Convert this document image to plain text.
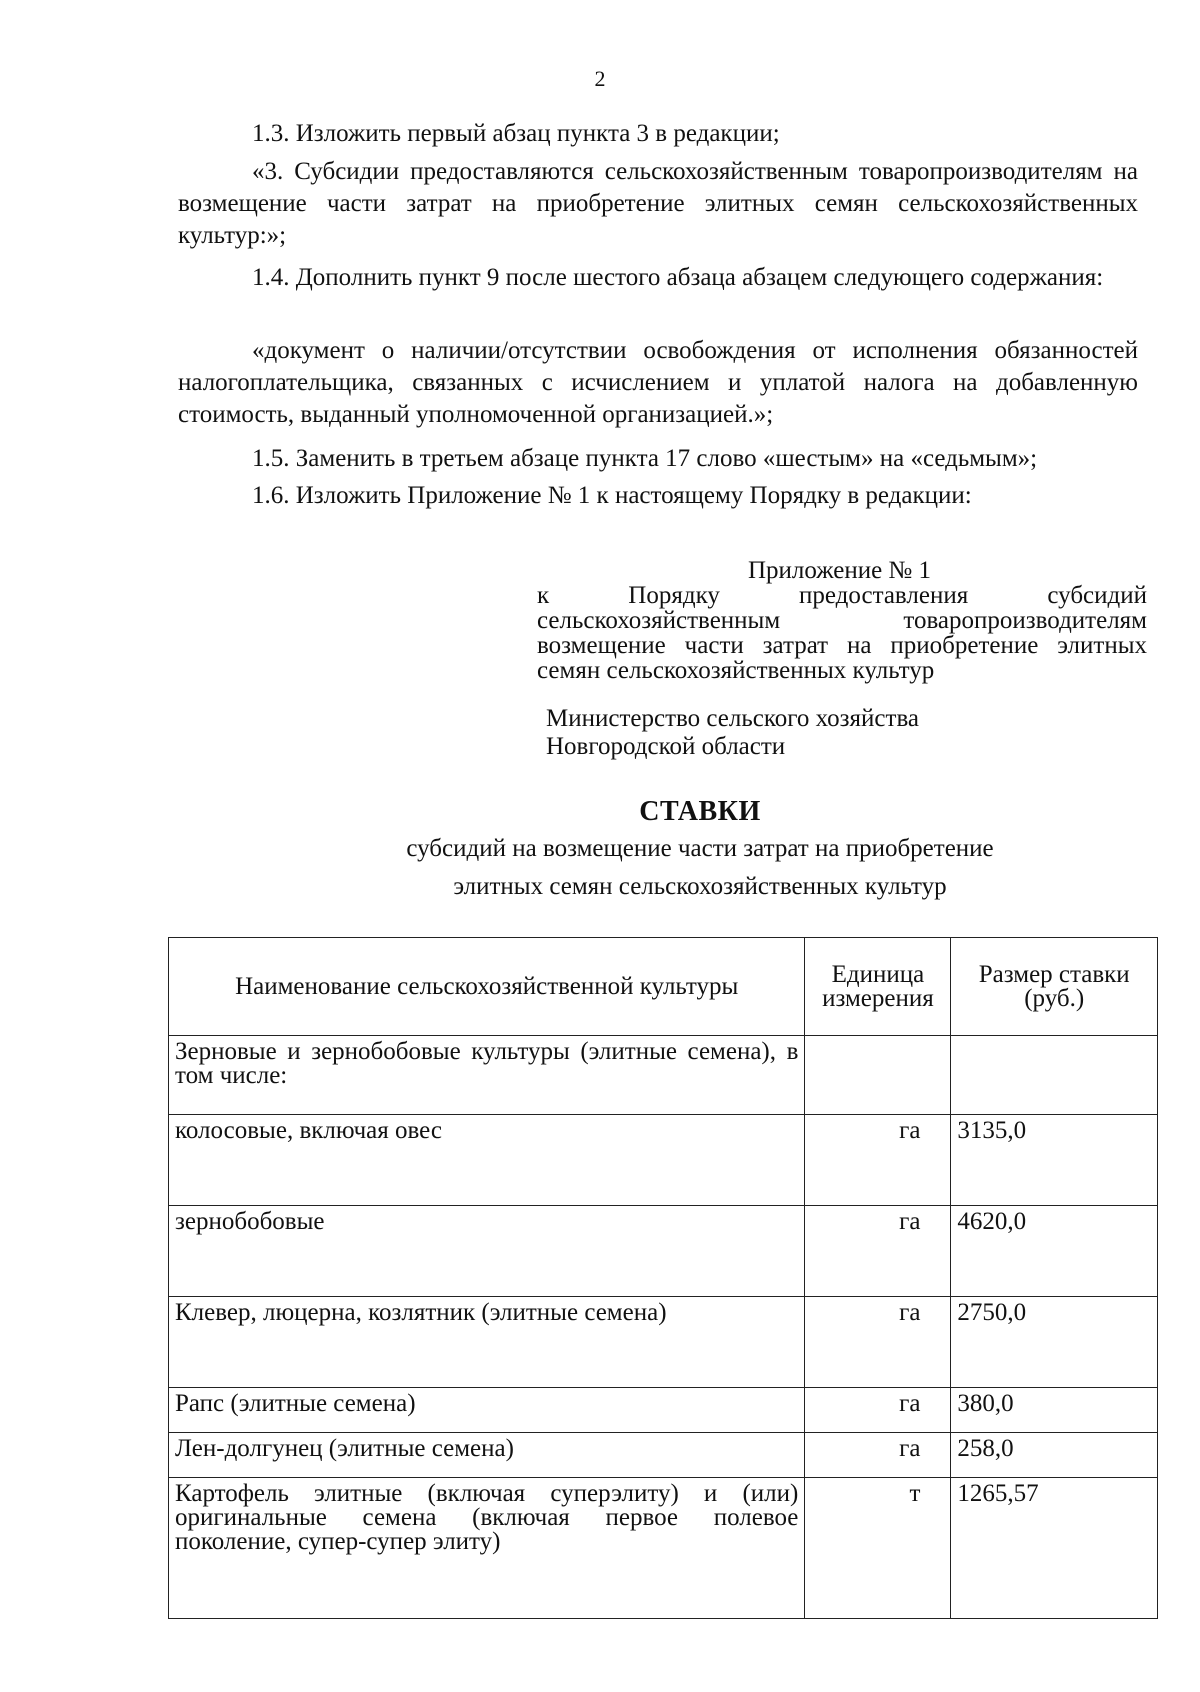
2

1.3. Изложить первый абзац пункта 3 в редакции;

«3. Субсидии предоставляются сельскохозяйственным товаропроизводителям на возмещение части затрат на приобретение элитных семян сельскохозяйственных культур:»;

1.4. Дополнить пункт 9 после шестого абзаца абзацем следующего содержания:

«документ о наличии/отсутствии освобождения от исполнения обязанностей налогоплательщика, связанных с исчислением и уплатой налога на добавленную стоимость, выданный уполномоченной организацией.»;

1.5. Заменить в третьем абзаце пункта 17 слово «шестым» на «седьмым»;

1.6. Изложить Приложение № 1 к настоящему Порядку в редакции:

Приложение № 1
к Порядку предоставления субсидий сельскохозяйственным товаропроизводителям возмещение части затрат на приобретение элитных семян сельскохозяйственных культур
Министерство сельского хозяйства
Новгородской области
СТАВКИ
субсидий на возмещение части затрат на приобретение
элитных семян сельскохозяйственных культур
Наименование сельскохозяйственной культуры	Единица измерения	Размер ставки (руб.)
Зерновые и зернобобовые культуры (элитные семена), в том числе:		
колосовые, включая овес	га	3135,0
зернобобовые	га	4620,0
Клевер, люцерна, козлятник (элитные семена)	га	2750,0
Рапс (элитные семена)	га	380,0
Лен-долгунец (элитные семена)	га	258,0
Картофель элитные (включая суперэлиту) и (или) оригинальные семена (включая первое полевое поколение, супер-супер элиту)	т	1265,57
